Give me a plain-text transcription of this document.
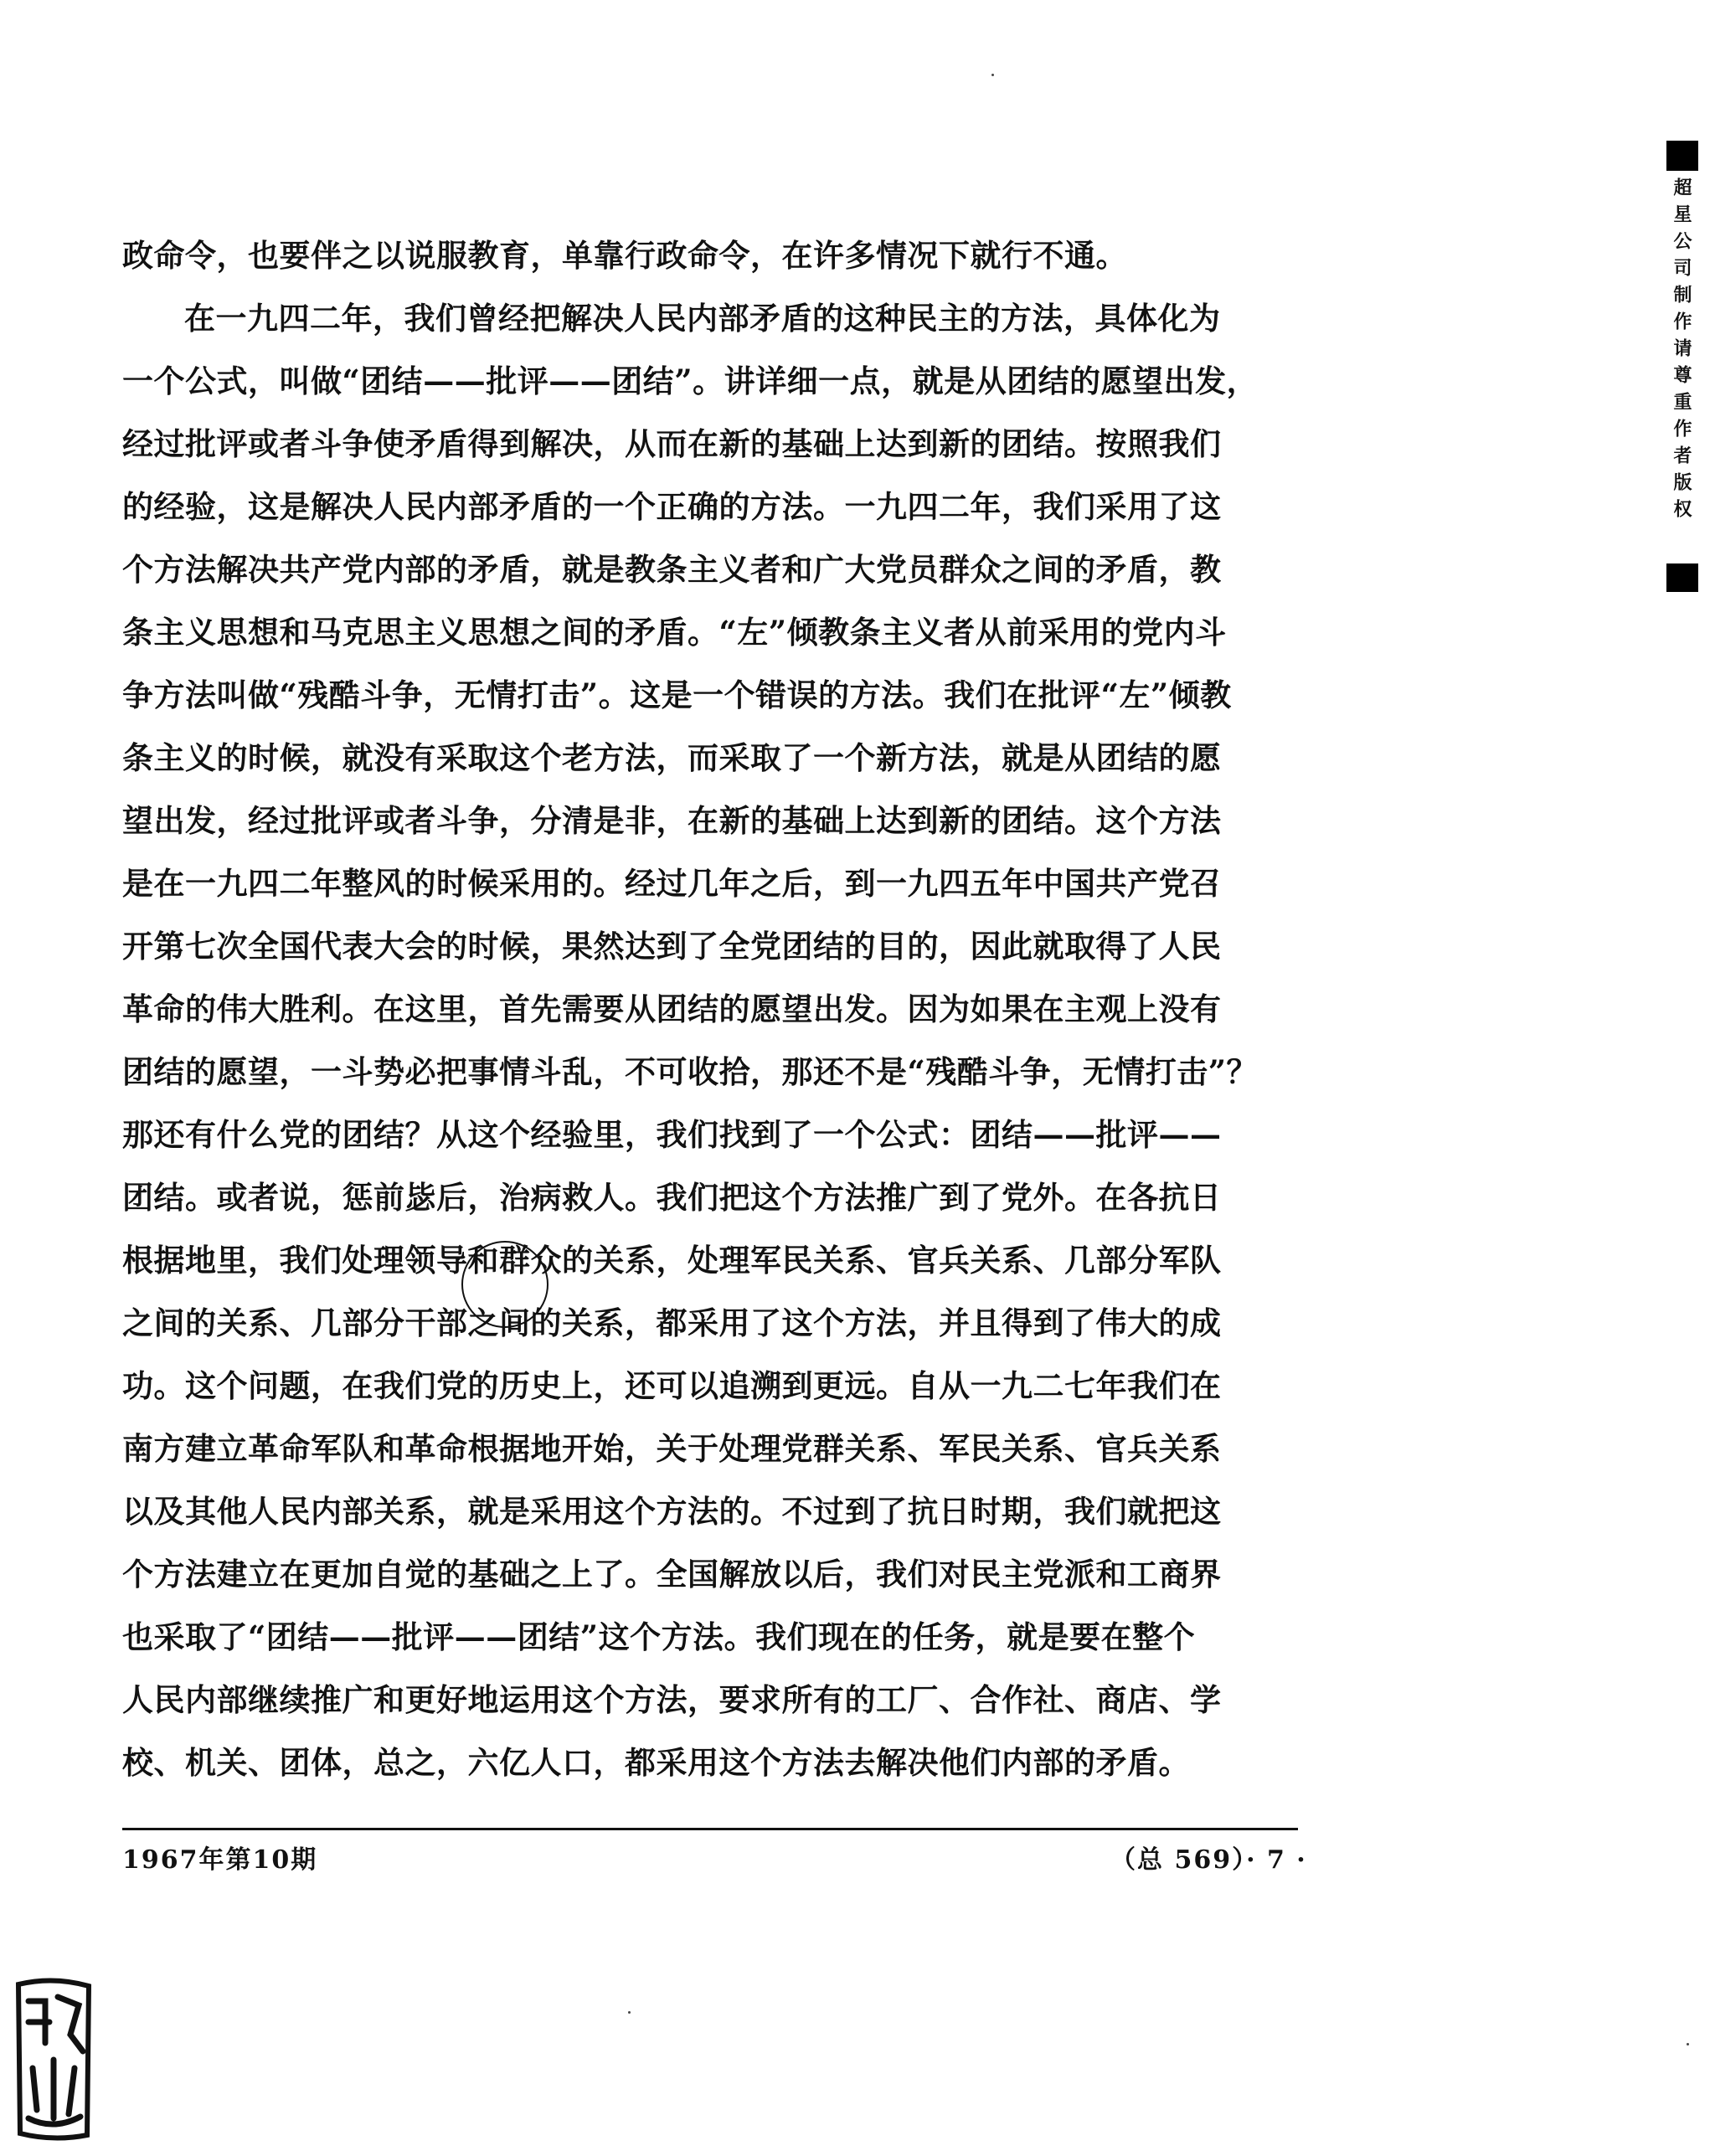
政命令，也要伴之以说服教育，单靠行政命令，在许多情况下就行不通。
在一九四二年，我们曾经把解决人民内部矛盾的这种民主的方法，具体化为
一个公式，叫做“团结——批评——团结”。讲详细一点，就是从团结的愿望出发，
经过批评或者斗争使矛盾得到解决，从而在新的基础上达到新的团结。按照我们
的经验，这是解决人民内部矛盾的一个正确的方法。一九四二年，我们采用了这
个方法解决共产党内部的矛盾，就是教条主义者和广大党员群众之间的矛盾，教
条主义思想和马克思主义思想之间的矛盾。“左”倾教条主义者从前采用的党内斗
争方法叫做“残酷斗争，无情打击”。这是一个错误的方法。我们在批评“左”倾教
条主义的时候，就没有采取这个老方法，而采取了一个新方法，就是从团结的愿
望出发，经过批评或者斗争，分清是非，在新的基础上达到新的团结。这个方法
是在一九四二年整风的时候采用的。经过几年之后，到一九四五年中国共产党召
开第七次全国代表大会的时候，果然达到了全党团结的目的，因此就取得了人民
革命的伟大胜利。在这里，首先需要从团结的愿望出发。因为如果在主观上没有
团结的愿望，一斗势必把事情斗乱，不可收拾，那还不是“残酷斗争，无情打击”？
那还有什么党的团结？从这个经验里，我们找到了一个公式：团结——批评——
团结。或者说，惩前毖后，治病救人。我们把这个方法推广到了党外。在各抗日
根据地里，我们处理领导和群众的关系，处理军民关系、官兵关系、几部分军队
之间的关系、几部分干部之间的关系，都采用了这个方法，并且得到了伟大的成
功。这个问题，在我们党的历史上，还可以追溯到更远。自从一九二七年我们在
南方建立革命军队和革命根据地开始，关于处理党群关系、军民关系、官兵关系
以及其他人民内部关系，就是采用这个方法的。不过到了抗日时期，我们就把这
个方法建立在更加自觉的基础之上了。全国解放以后，我们对民主党派和工商界
也采取了“团结——批评——团结”这个方法。我们现在的任务，就是要在整个
人民内部继续推广和更好地运用这个方法，要求所有的工厂、合作社、商店、学
校、机关、团体，总之，六亿人口，都采用这个方法去解决他们内部的矛盾。
1967年第10期	（总 569）· 7 ·
超星公司制作请尊重作者版权
